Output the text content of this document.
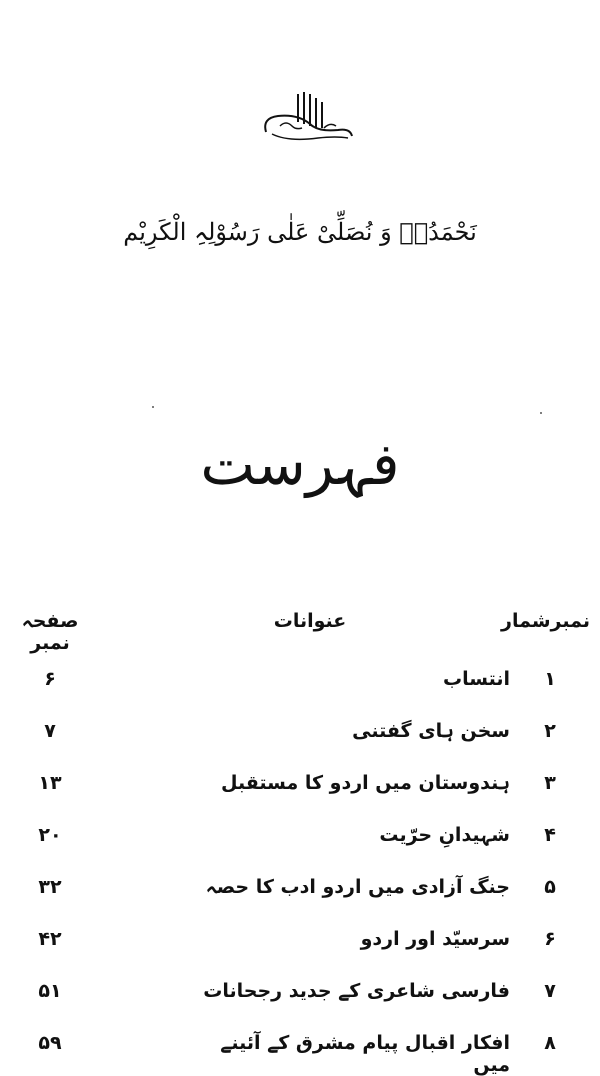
نَحْمَدُہٗ وَ نُصَلِّیْ عَلٰی رَسُوْلِہِ الْکَرِیْم
فہرست
نمبرشمار
عنوانات
صفحہ نمبر
۱
انتساب
۶
۲
سخن ہای گفتنی
۷
۳
ہندوستان میں اردو کا مستقبل
۱۳
۴
شہیدانِ حرّیت
۲۰
۵
جنگ آزادی میں اردو ادب کا حصہ
۳۲
۶
سرسیّد اور اردو
۴۲
۷
فارسی شاعری کے جدید رجحانات
۵۱
۸
افکار اقبال پیام مشرق کے آئینے میں
۵۹
